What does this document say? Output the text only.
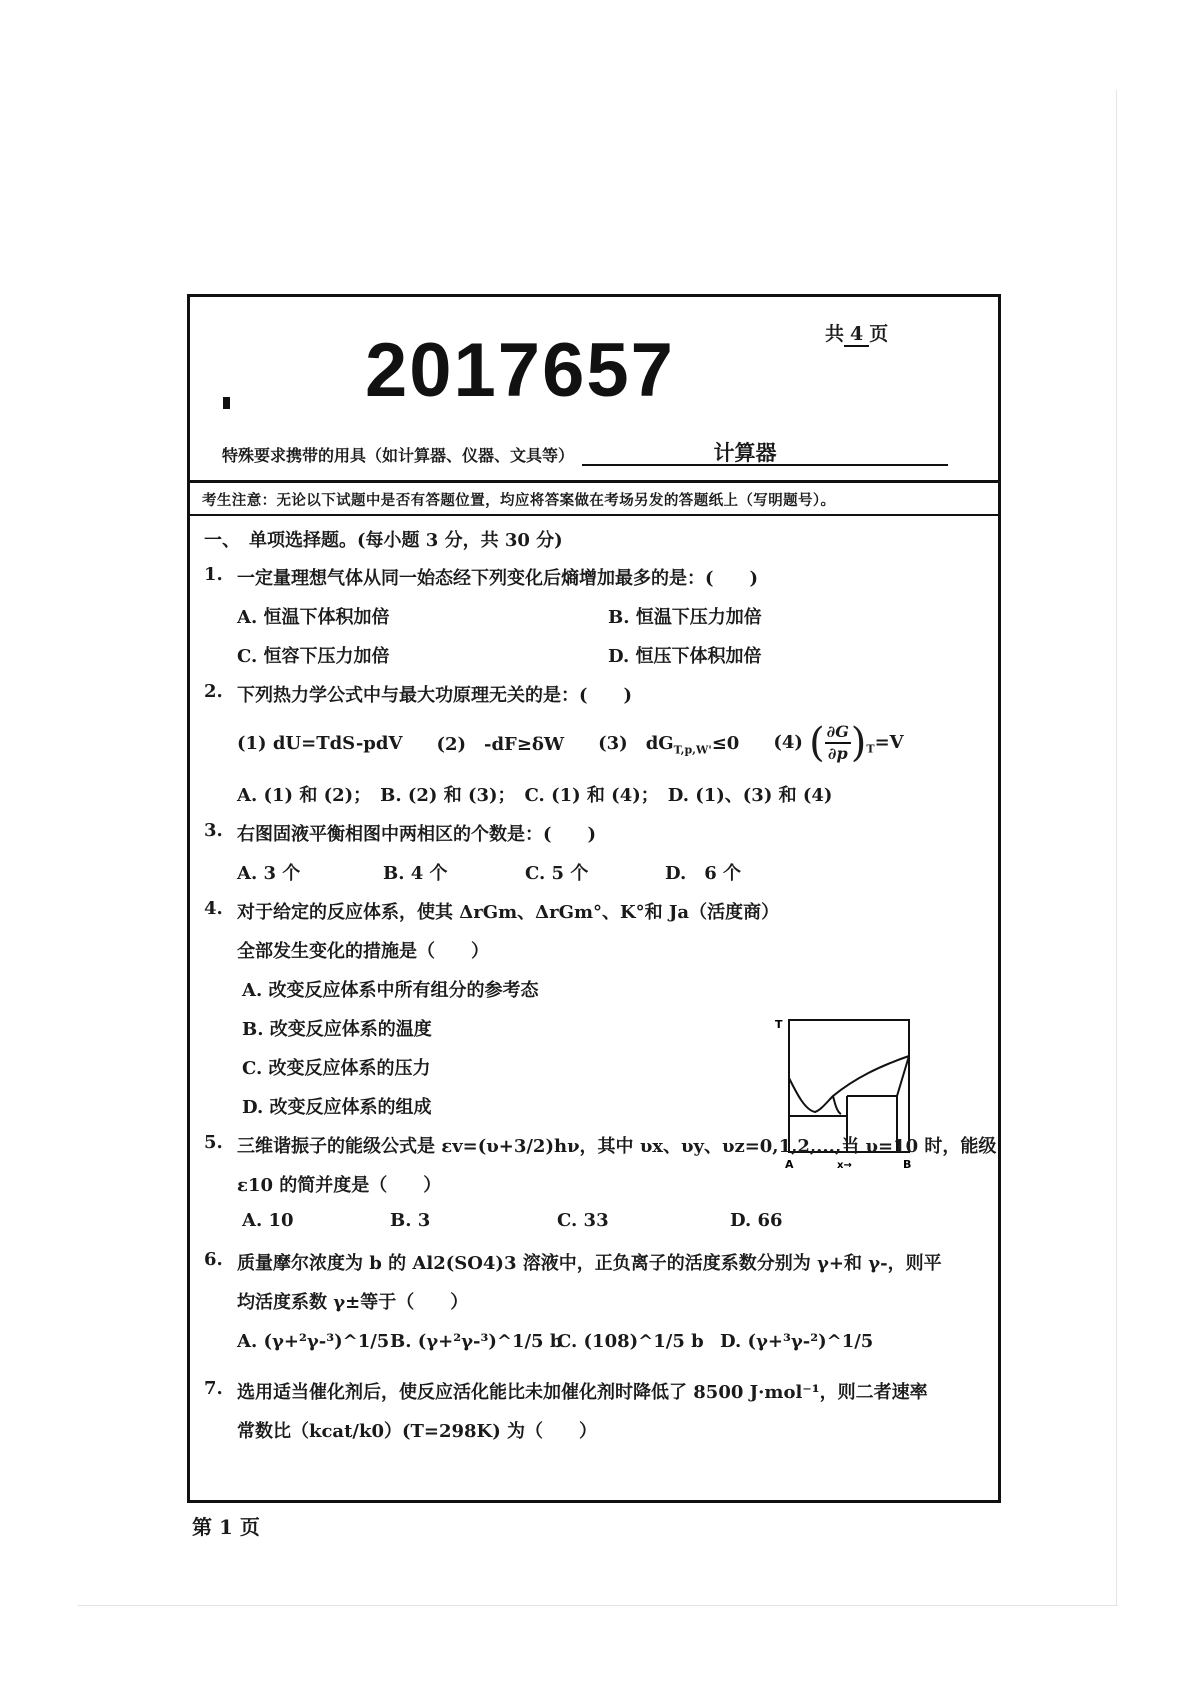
2017657	共 4 页
特殊要求携带的用具（如计算器、仪器、文具等）	计算器
考生注意：无论以下试题中是否有答题位置，均应将答案做在考场另发的答题纸上（写明题号）。
一、　单项选择题。(每小题 3 分，共 30 分)
1. 一定量理想气体从同一始态经下列变化后熵增加最多的是：(　　)
A. 恒温下体积加倍	B. 恒温下压力加倍
C. 恒容下压力加倍	D. 恒压下体积加倍
2. 下列热力学公式中与最大功原理无关的是：(　　)
(1) dU=TdS-pdV (2)　-dF≥δW (3)　$dG_{T,p,W'}\le 0$ (4) ( $\frac{\partial G}{\partial p} )_T=V$
A. (1) 和 (2)；　B. (2) 和 (3)；　C. (1) 和 (4)；　D. (1)、(3) 和 (4)
3. 右图固液平衡相图中两相区的个数是：(　　)
A. 3 个	B. 4 个	C. 5 个	D.　6 个
T
A	x→	B
4. 对于给定的反应体系，使其 ΔrGm、ΔrGm°、K°和 Ja（活度商）
全部发生变化的措施是（　　）
A. 改变反应体系中所有组分的参考态
B. 改变反应体系的温度
C. 改变反应体系的压力
D. 改变反应体系的组成
5. 三维谐振子的能级公式是 εv=(υ+3/2)hν，其中 υx、υy、υz=0,1,2,...,当 υ=10 时，能级
ε10 的简并度是（　　）
A. 10	B. 3	C. 33	D. 66
6. 质量摩尔浓度为 b 的 Al2(SO4)3 溶液中，正负离子的活度系数分别为 γ+和 γ-，则平
均活度系数 γ±等于（　　）
A. (γ+²γ-³)^1/5 B. (γ+²γ-³)^1/5 b
C. (108)^1/5 b D. (γ+³γ-²)^1/5
7. 选用适当催化剂后，使反应活化能比未加催化剂时降低了 8500 J·mol⁻¹，则二者速率
常数比（kcat/k0）(T=298K) 为（　　）
第 1 页
